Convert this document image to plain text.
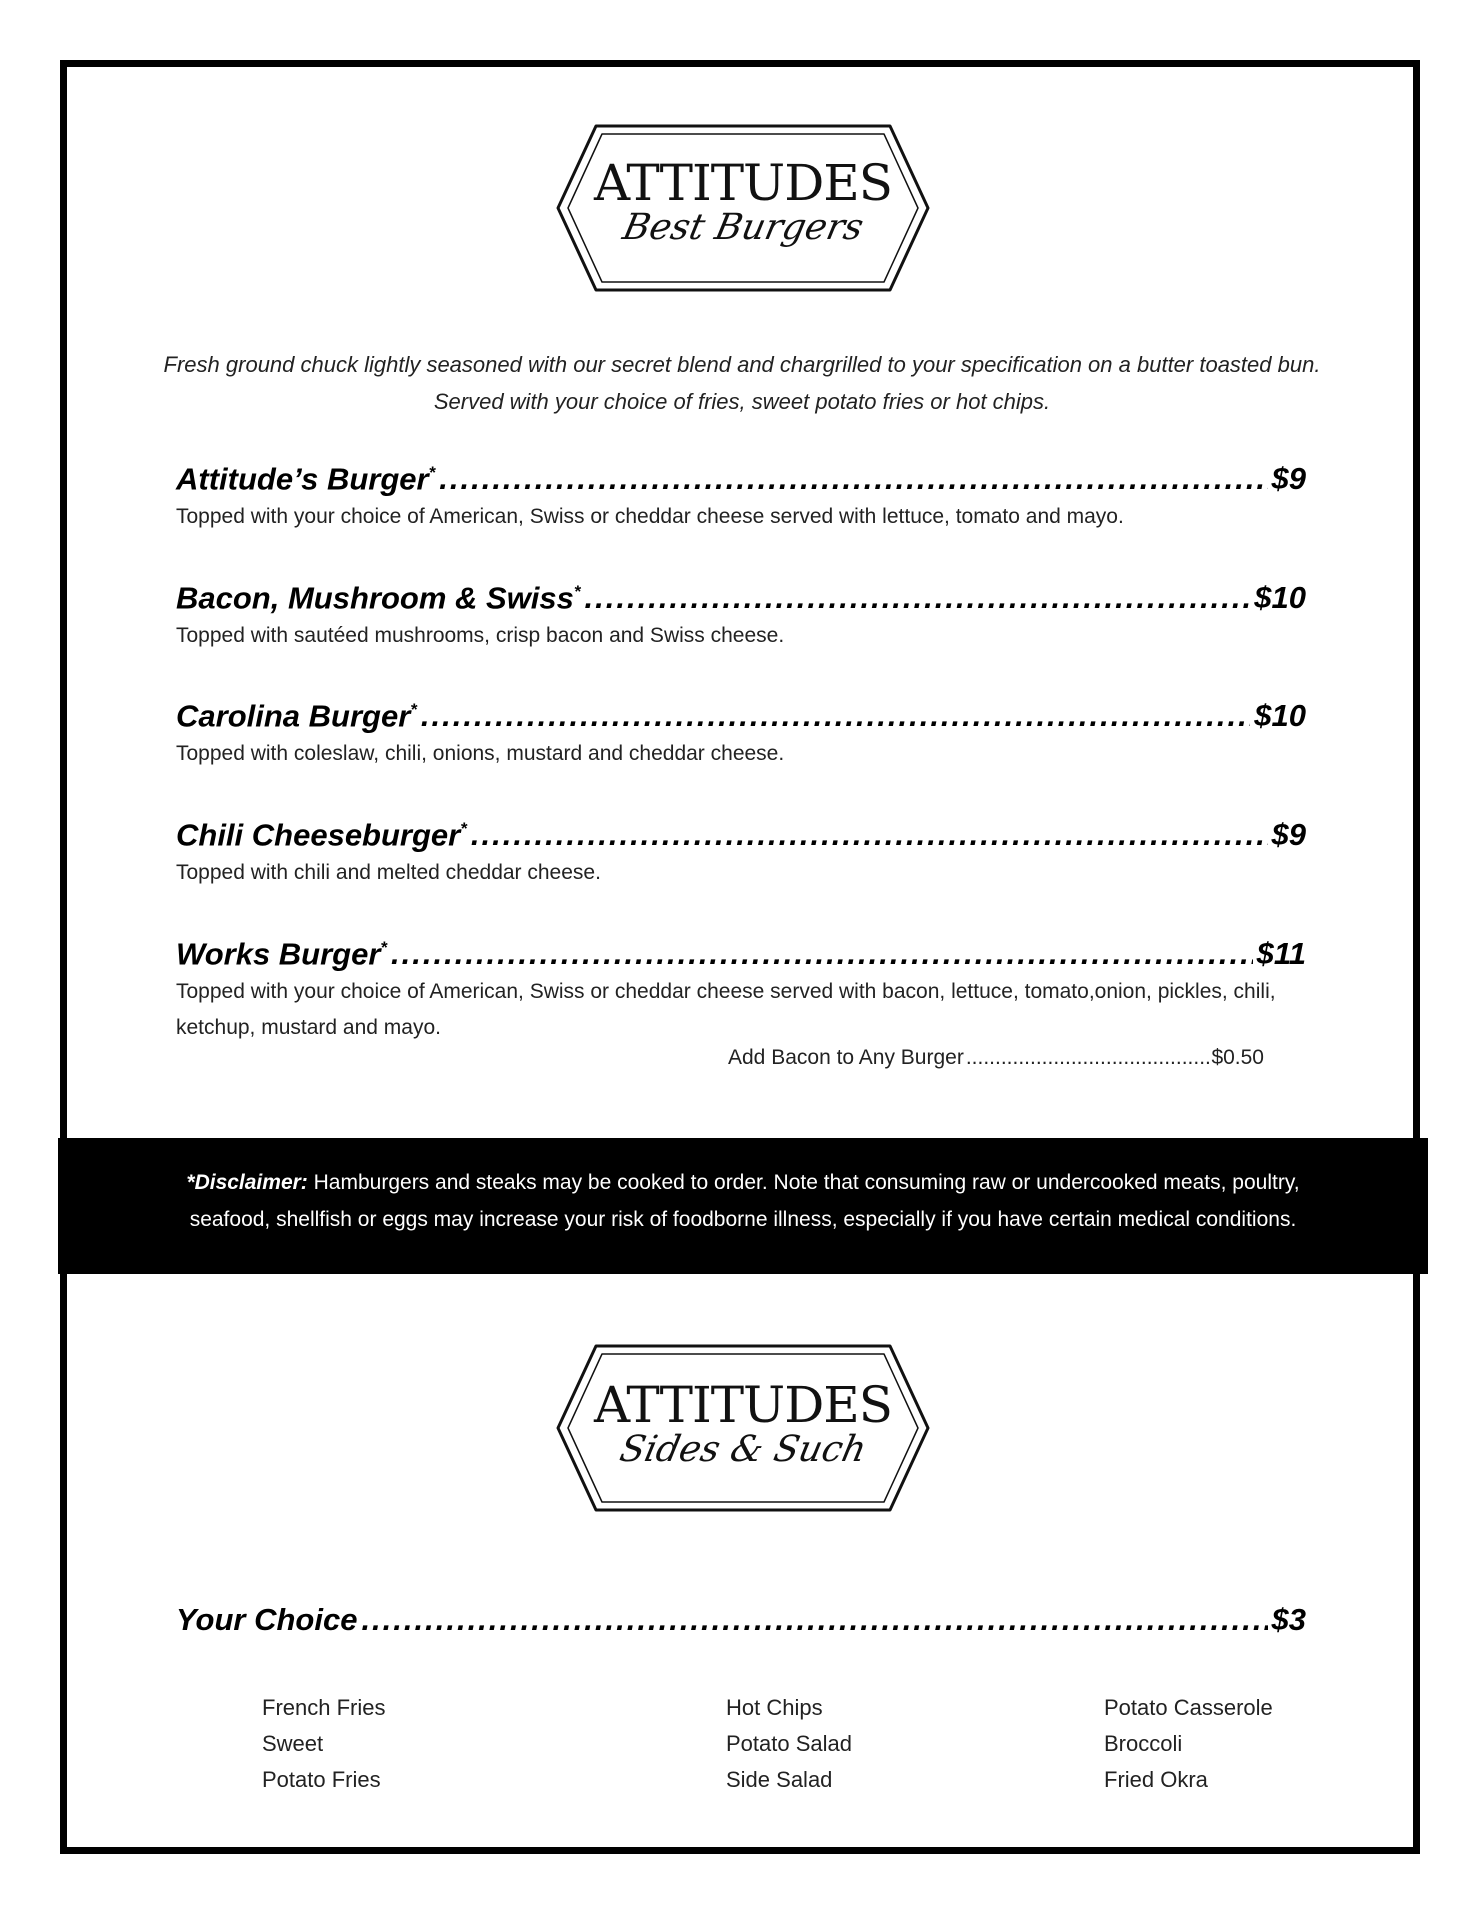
ATTITUDES
Best Burgers
Fresh ground chuck lightly seasoned with our secret blend and chargrilled to your specification on a butter toasted bun.
Served with your choice of fries, sweet potato fries or hot chips.
Attitude’s Burger* .....	$9
Topped with your choice of American, Swiss or cheddar cheese served with lettuce, tomato and mayo.
Bacon, Mushroom & Swiss* .....	$10
Topped with sautéed mushrooms, crisp bacon and Swiss cheese.
Carolina Burger* .....	$10
Topped with coleslaw, chili, onions, mustard and cheddar cheese.
Chili Cheeseburger* .....	$9
Topped with chili and melted cheddar cheese.
Works Burger* .....	$11
Topped with your choice of American, Swiss or cheddar cheese served with bacon, lettuce, tomato,onion, pickles, chili,
ketchup, mustard and mayo.
Add Bacon to Any Burger .....	$0.50
*Disclaimer: Hamburgers and steaks may be cooked to order. Note that consuming raw or undercooked meats, poultry,
seafood, shellfish or eggs may increase your risk of foodborne illness, especially if you have certain medical conditions.
ATTITUDES
Sides & Such
Your Choice .....	$3
French Fries
Sweet
Potato Fries
Hot Chips
Potato Salad
Side Salad
Potato Casserole
Broccoli
Fried Okra
